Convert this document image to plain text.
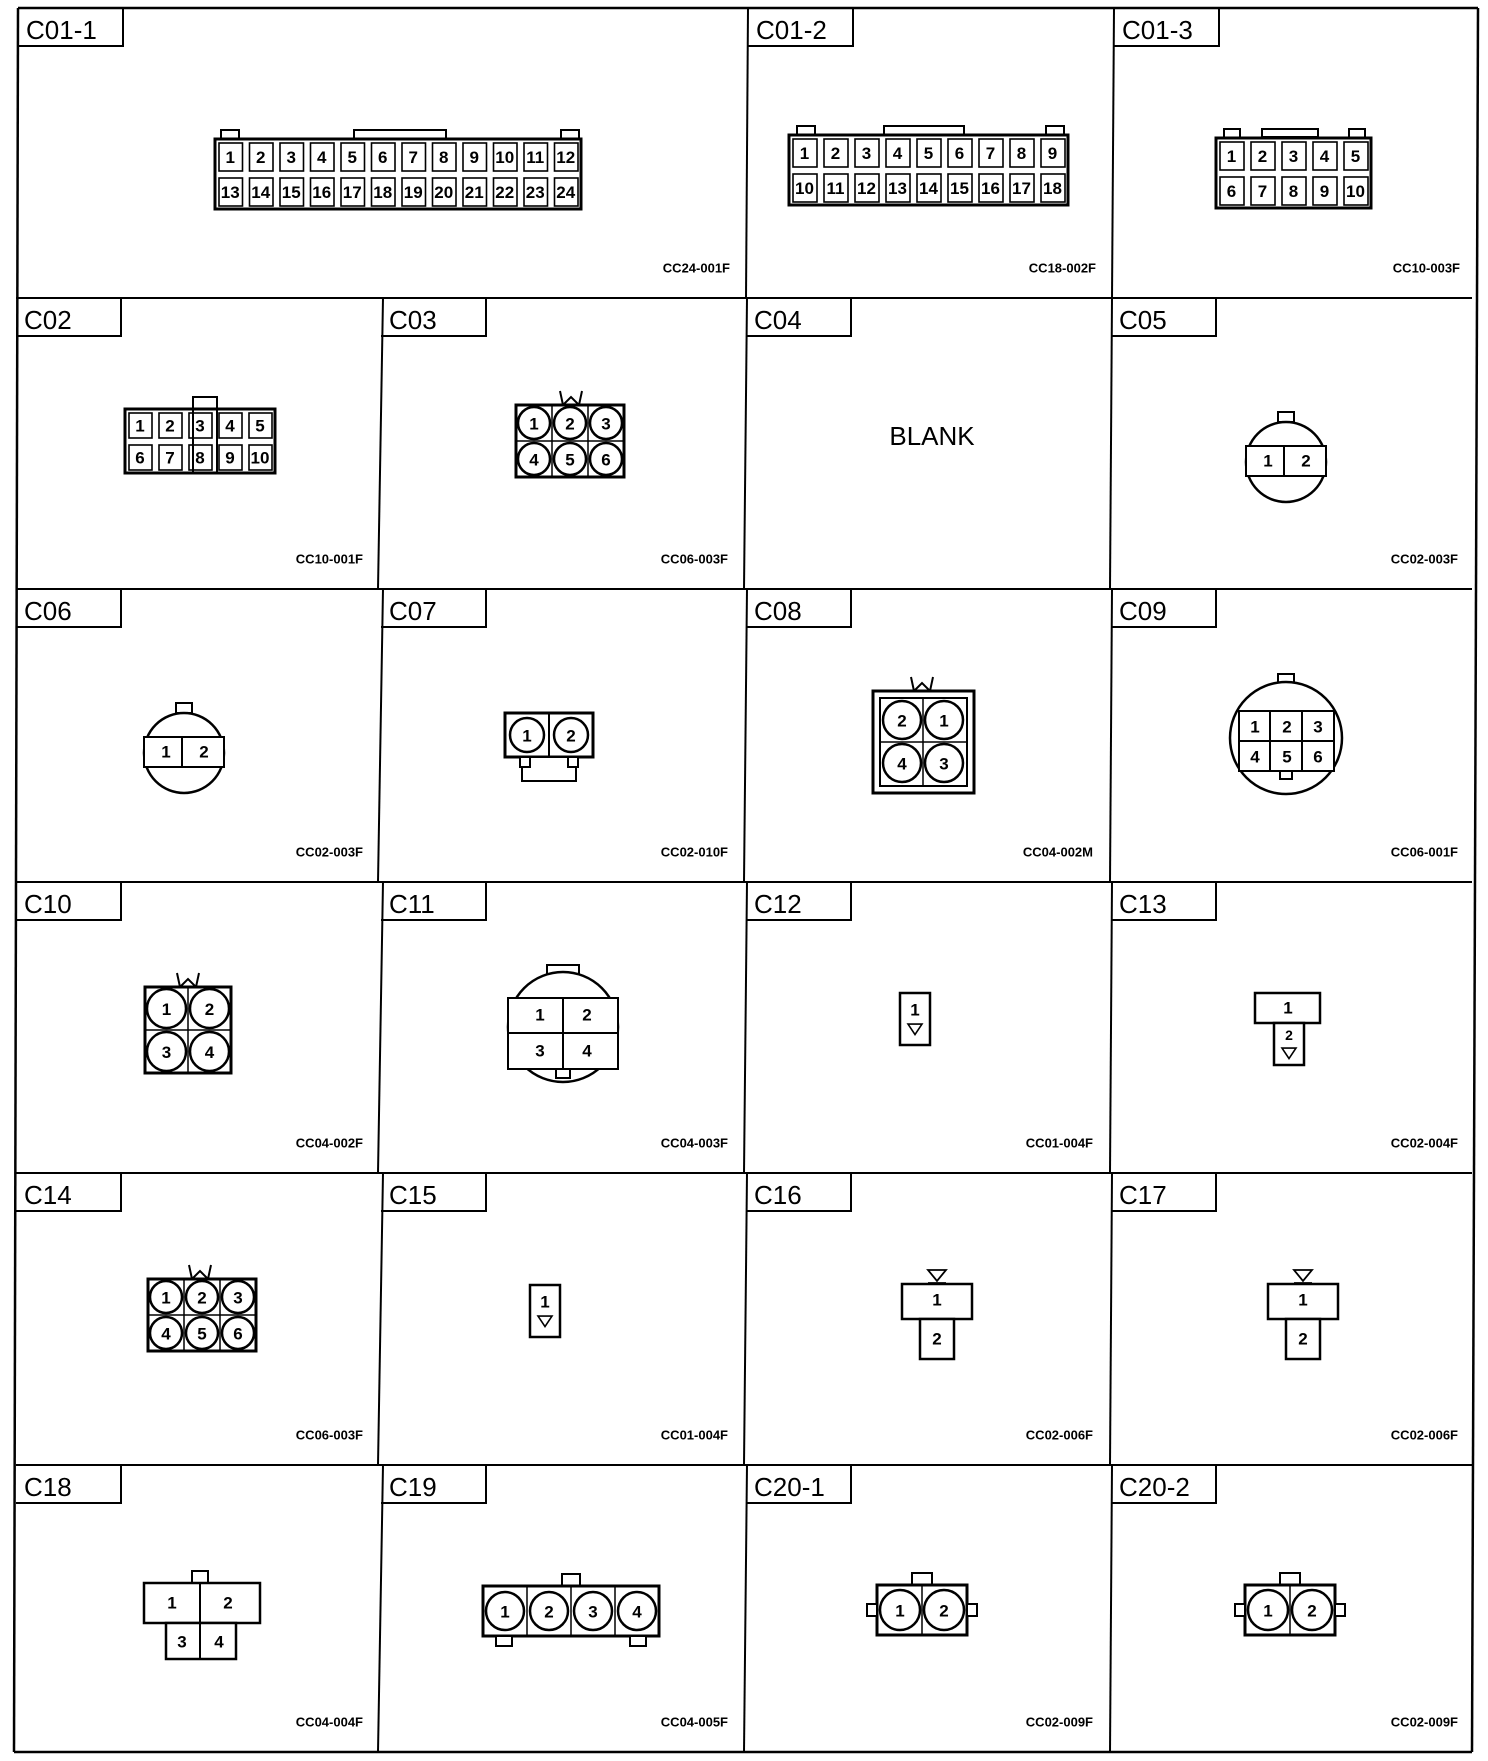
C01-1
CC24-001F
1 2 3 4 5 6 7 8 9 10 11 12
13 14 15 16 17 18 19 20 21 22 23 24
C01-2
CC18-002F
1 2 3 4 5 6 7 8 9
10 11 12 13 14 15 16 17 18
C01-3
CC10-003F
1 2 3 4 5
6 7 8 9 10
C02
CC10-001F
1 2 3 4 5
6 7 8 9 10
C03
CC06-003F
1 2 3
4 5 6
C04
BLANK
C05
CC02-003F
1 2
C06
CC02-003F
1 2
C07
CC02-010F
1 2
C08
CC04-002M
2 1
4 3
C09
CC06-001F
1 2 3
4 5 6
C10
CC04-002F
1 2
3 4
C11
CC04-003F
1 2
3 4
C12
CC01-004F
1
C13
CC02-004F
1
2
C14
CC06-003F
1 2 3
4 5 6
C15
CC01-004F
1
C16
CC02-006F
1
2
C17
CC02-006F
1
2
C18
CC04-004F
1	2
3 4
C19
CC04-005F
1 2 3 4
C20-1
CC02-009F
1 2
C20-2
CC02-009F
1 2
